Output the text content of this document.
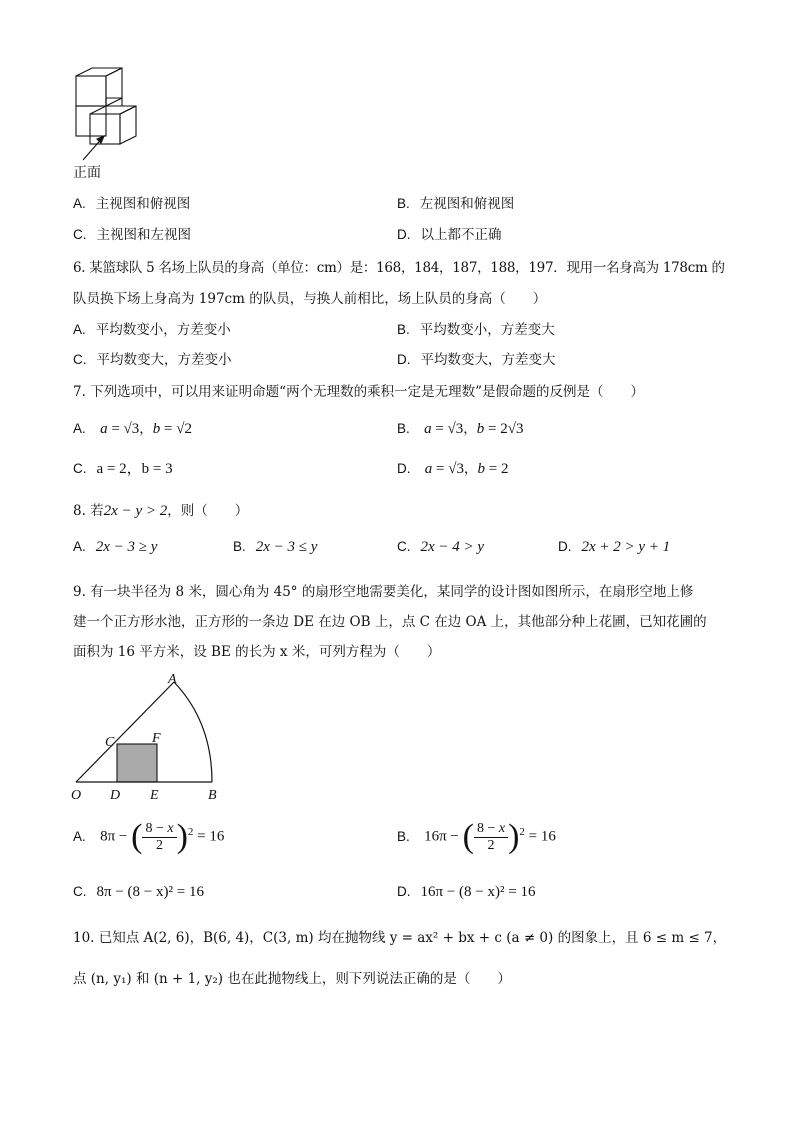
正面
A. 主视图和俯视图	B. 左视图和俯视图
C. 主视图和左视图	D. 以上都不正确
6. 某篮球队 5 名场上队员的身高（单位：cm）是：168，184，187，188，197．现用一名身高为 178cm 的
队员换下场上身高为 197cm 的队员，与换人前相比，场上队员的身高（　　）
A. 平均数变小，方差变小	B. 平均数变小，方差变大
C. 平均数变大，方差变小	D. 平均数变大，方差变大
7. 下列选项中，可以用来证明命题“两个无理数的乘积一定是无理数”是假命题的反例是（　　）
A. a = √3，b = √2	B. a = √3，b = 2√3
C. a = 2，b = 3	D. a = √3，b = 2
8. 若2x − y > 2，则（　　）
A. 2x − 3 ≥ y	B. 2x − 3 ≤ y	C. 2x − 4 > y	D. 2x + 2 > y + 1
9. 有一块半径为 8 米，圆心角为 45° 的扇形空地需要美化，某同学的设计图如图所示，在扇形空地上修
建一个正方形水池，正方形的一条边 DE 在边 OB 上，点 C 在边 OA 上，其他部分种上花圃，已知花圃的
面积为 16 平方米，设 BE 的长为 x 米，可列方程为（　　）
A
C	F
O D E	B
A. 8π − ( $\frac{8 - x}{2} )^2 = 16$	B. 16π − ( $\frac{8 - x}{2} )^2 = 16$
C. 8π − (8 − x)² = 16	D. 16π − (8 − x)² = 16
10. 已知点 A(2, 6)，B(6, 4)，C(3, m) 均在抛物线 y = ax² + bx + c (a ≠ 0) 的图象上，且 6 ≤ m ≤ 7，
点 (n, y₁) 和 (n + 1, y₂) 也在此抛物线上，则下列说法正确的是（　　）
